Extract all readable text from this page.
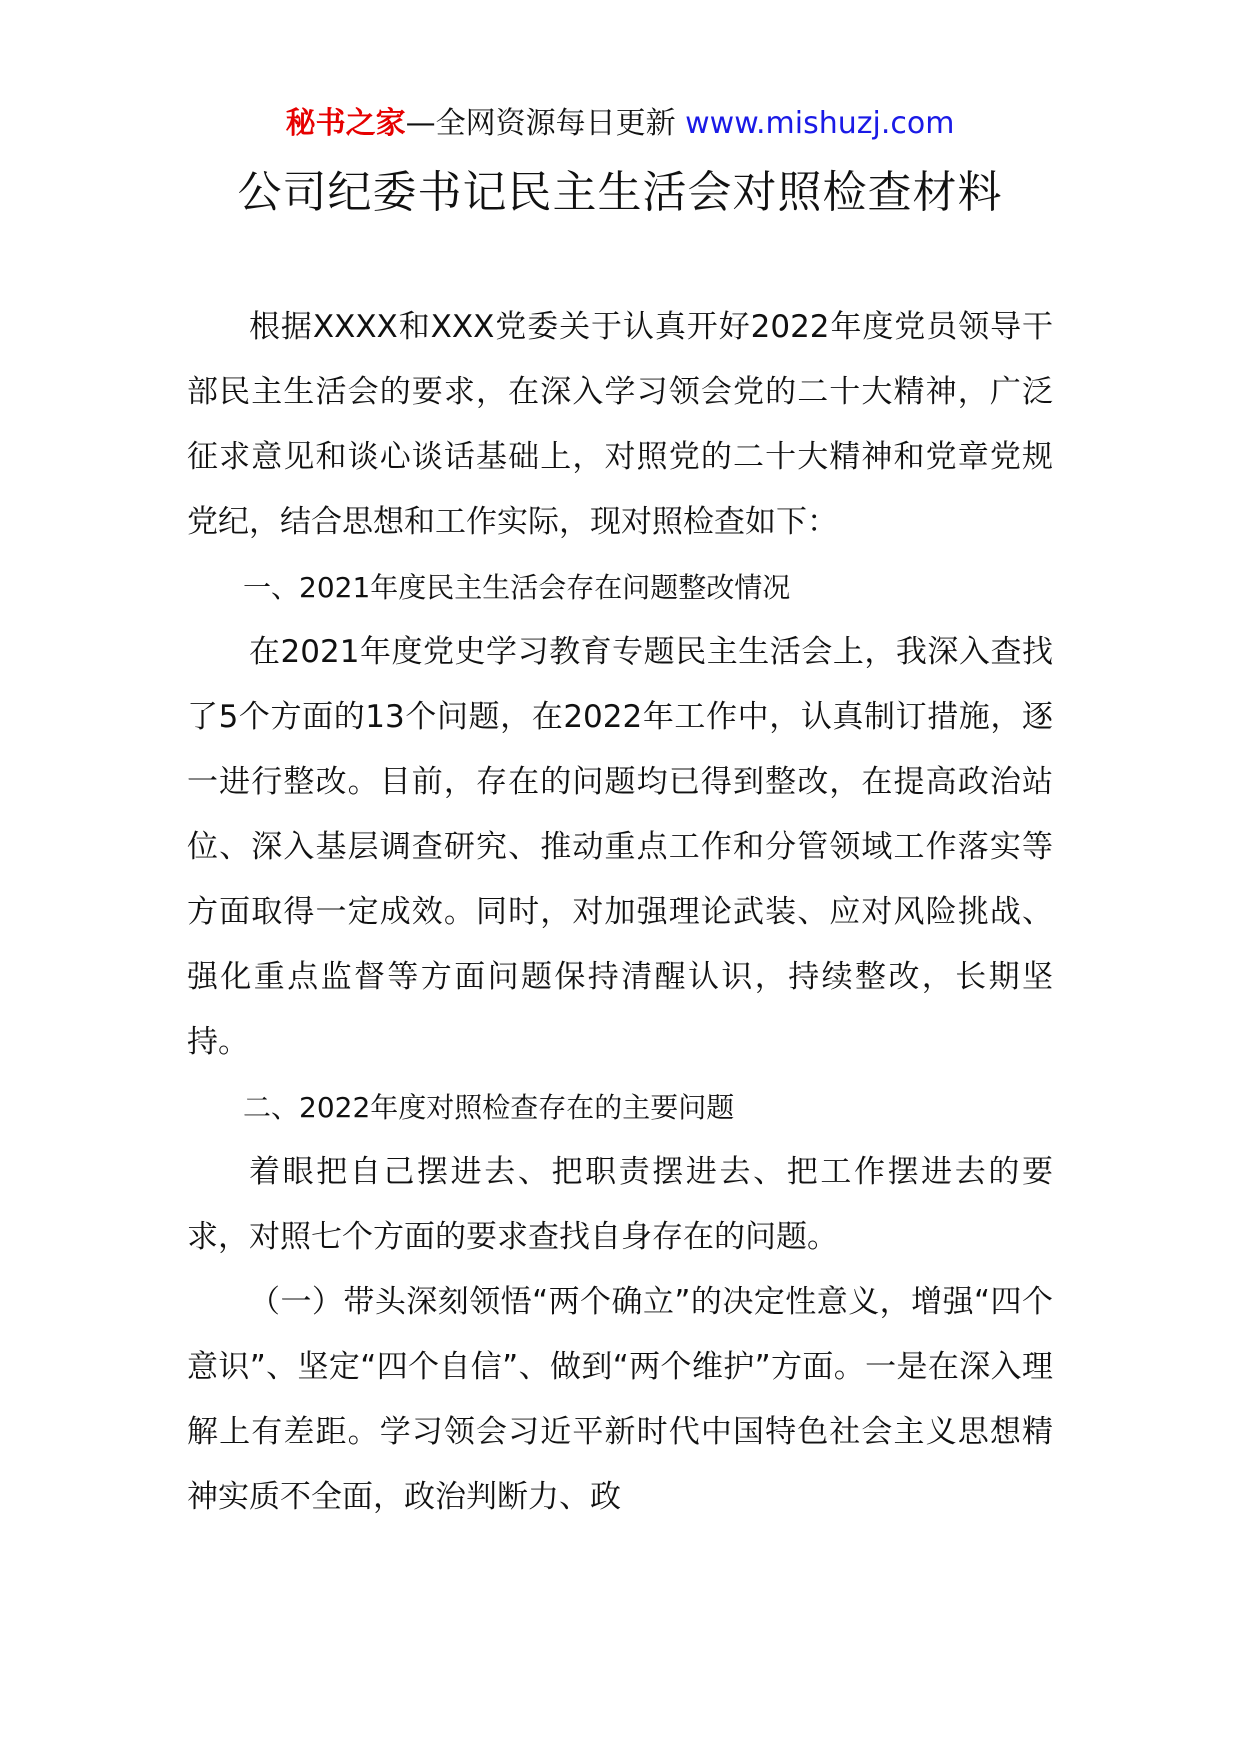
秘书之家—全网资源每日更新 www.mishuzj.com
公司纪委书记民主生活会对照检查材料

根据XXXX和XXX党委关于认真开好2022年度党员领导干部民主生活会的要求，在深入学习领会党的二十大精神，广泛征求意见和谈心谈话基础上，对照党的二十大精神和党章党规党纪，结合思想和工作实际，现对照检查如下：

一、2021年度民主生活会存在问题整改情况

在2021年度党史学习教育专题民主生活会上，我深入查找了5个方面的13个问题，在2022年工作中，认真制订措施，逐一进行整改。目前，存在的问题均已得到整改，在提高政治站位、深入基层调查研究、推动重点工作和分管领域工作落实等方面取得一定成效。同时，对加强理论武装、应对风险挑战、强化重点监督等方面问题保持清醒认识，持续整改，长期坚持。

二、2022年度对照检查存在的主要问题

着眼把自己摆进去、把职责摆进去、把工作摆进去的要求，对照七个方面的要求查找自身存在的问题。

（一）带头深刻领悟“两个确立”的决定性意义，增强“四个意识”、坚定“四个自信”、做到“两个维护”方面。一是在深入理解上有差距。学习领会习近平新时代中国特色社会主义思想精神实质不全面，政治判断力、政
